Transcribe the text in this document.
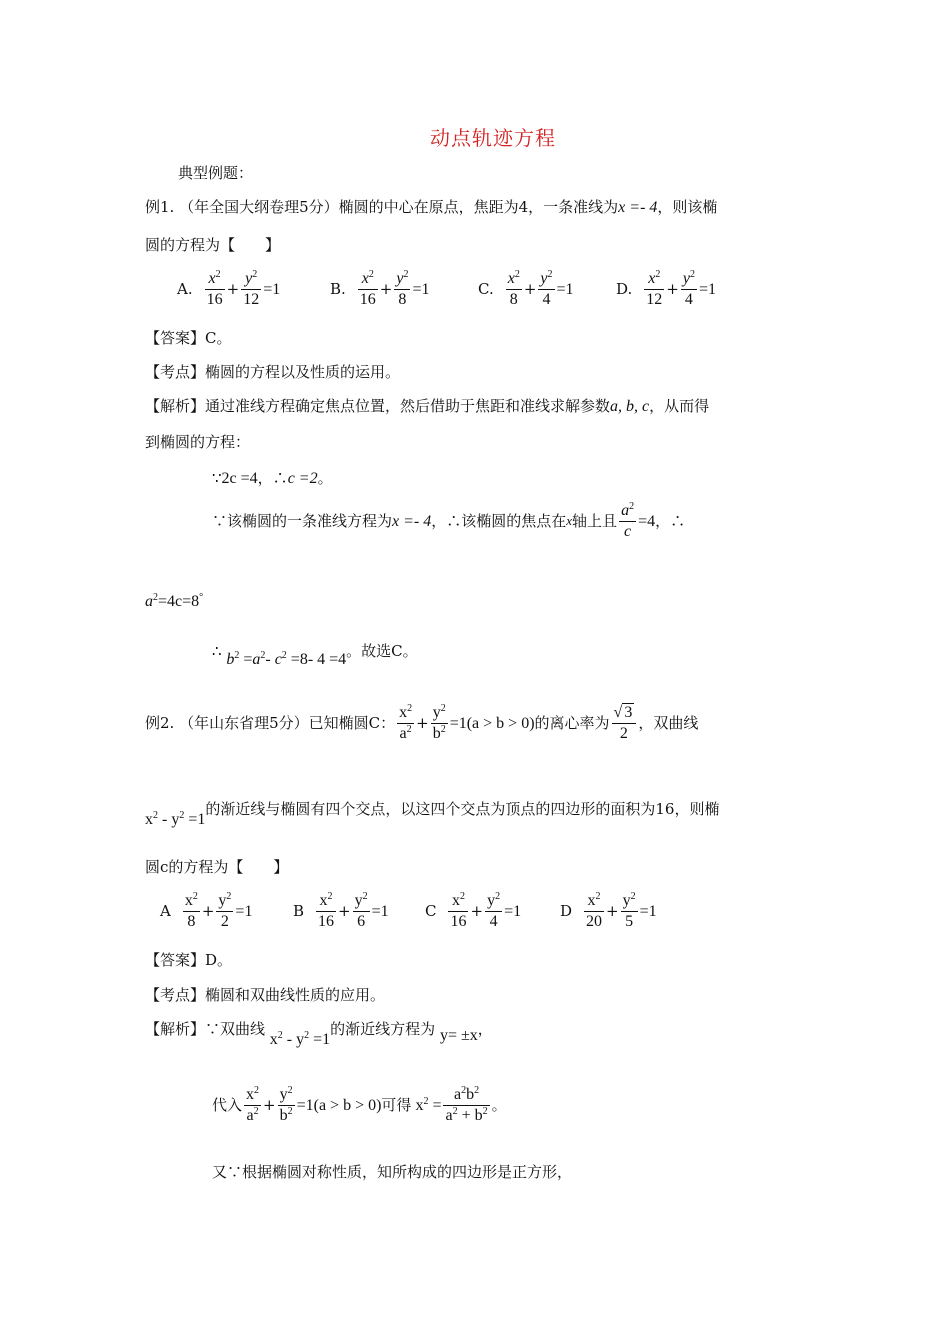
动点轨迹方程
典型例题：
例1. （年全国大纲卷理5分）椭圆的中心在原点，焦距为4，一条准线为x =- 4，则该椭
圆的方程为【　　】
A. $\frac{x^2}{16} + \frac{y^2}{12} =1$	B. $\frac{x^2}{16} + \frac{y^2}{8} =1$	C. $\frac{x^2}{8} + \frac{y^2}{4} =1$	D. $\frac{x^2}{12} + \frac{y^2}{4} =1$
【答案】C。
【考点】椭圆的方程以及性质的运用。
【解析】通过准线方程确定焦点位置，然后借助于焦距和准线求解参数a, b, c，从而得
到椭圆的方程：
∵2c =4，∴c =2。
∵该椭圆的一条准线方程为 x =- 4 ，∴该椭圆的焦点在 x 轴上且 $\frac{a^2}{c} =4$ ，∴
$a^2=4c=8^\circ$
∴ $b^2 =a^2-$ $c^2 =8-$ 4 =4。故选C。
例2. （年山东省理5分）已知椭圆C： $\frac{x^2}{a^2} + \frac{y^2}{b^2} =1(a > b > 0)$ 的离心率为 $\frac{√ 3}{2}$ ，双曲线
$x^2 - y^2 =1$的渐近线与椭圆有四个交点，以这四个交点为顶点的四边形的面积为16，则椭
圆c的方程为【　　】
A $\frac{x^2}{8} + \frac{y^2}{2} =1$	B $\frac{x^2}{16} + \frac{y^2}{6} =1$ C $\frac{x^2}{16} + \frac{y^2}{4} =1$	D $\frac{x^2}{20} + \frac{y^2}{5} =1$
【答案】D。
【考点】椭圆和双曲线性质的应用。
【解析】∵双曲线 $x^2 - y^2 =1$的渐近线方程为 y= ±x，
代入 $\frac{x^2}{a^2} + \frac{y^2}{b^2} =1(a > b > 0)$ 可得 $x^2 = \frac{a^2b^2}{a^2 + b^2}$ 。
又∵根据椭圆对称性质，知所构成的四边形是正方形，
